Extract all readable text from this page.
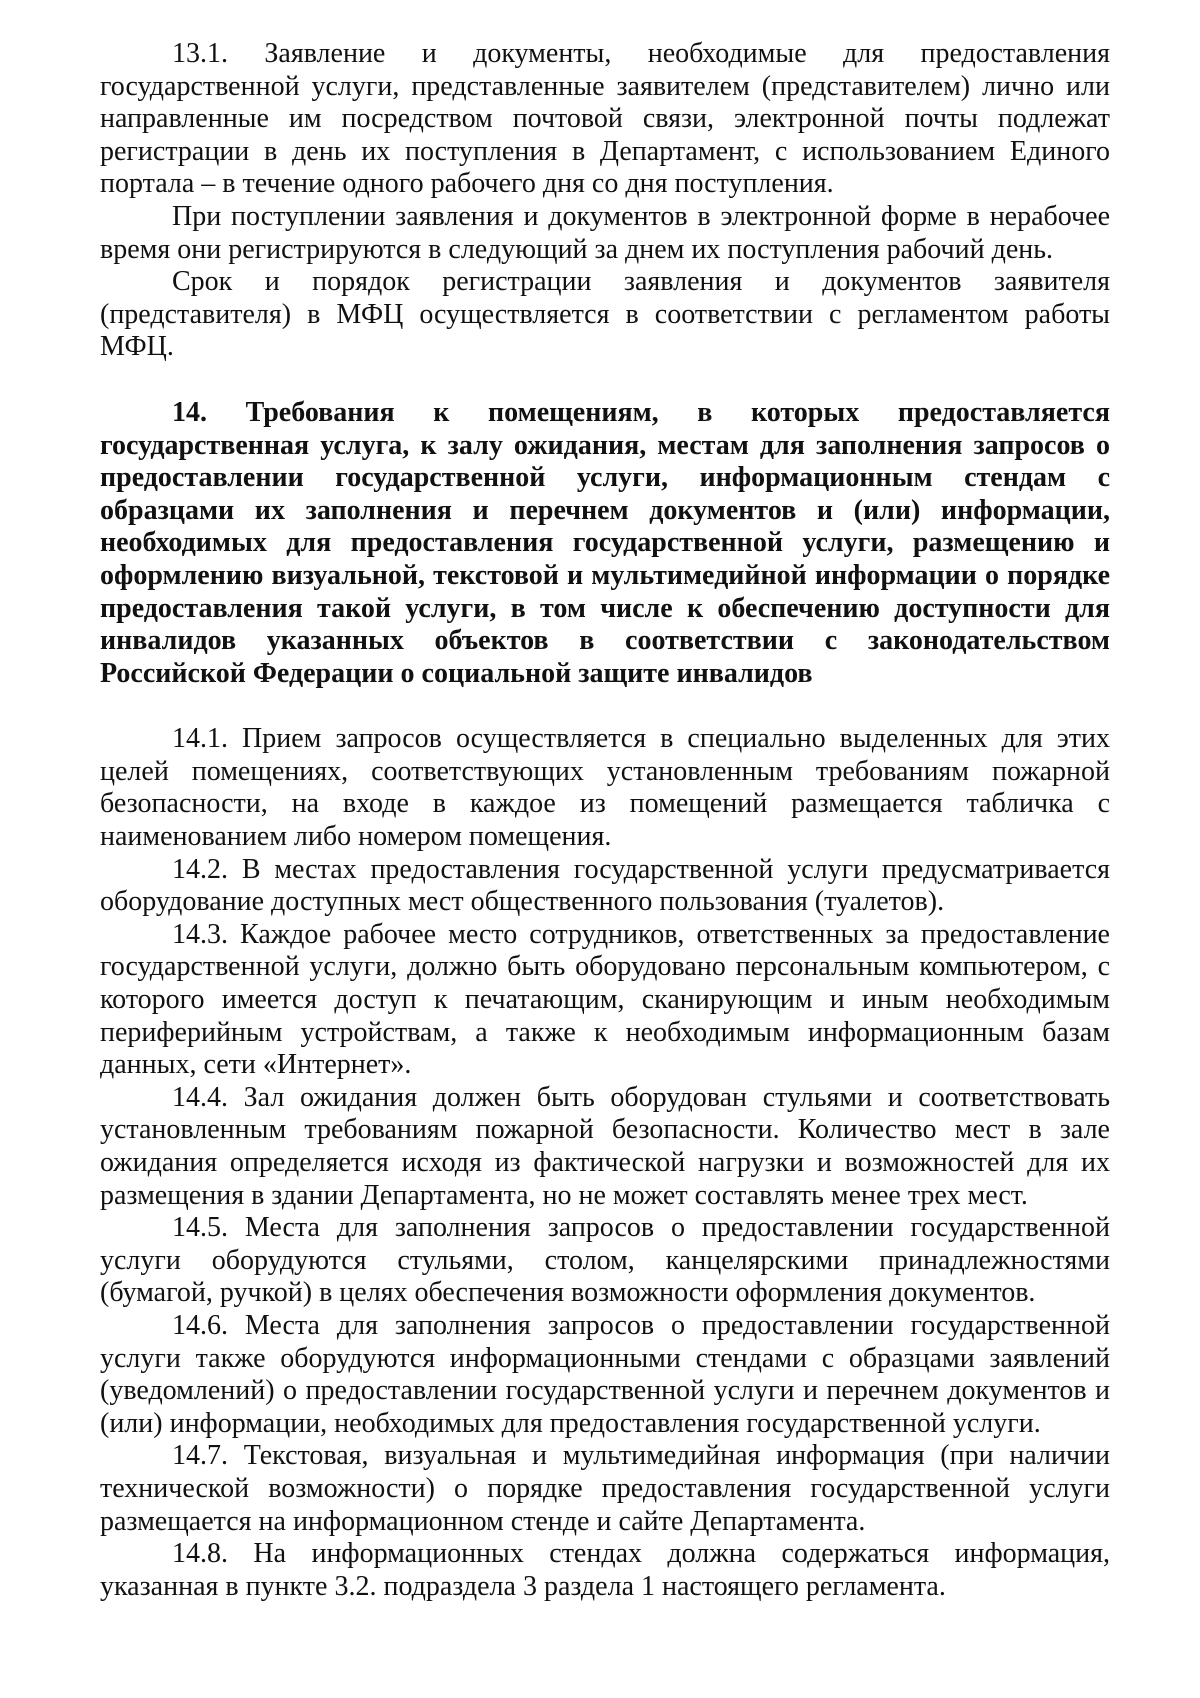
13.1. Заявление и документы, необходимые для предоставления государственной услуги, представленные заявителем (представителем) лично или направленные им посредством почтовой связи, электронной почты подлежат регистрации в день их поступления в Департамент, с использованием Единого портала – в течение одного рабочего дня со дня поступления.

При поступлении заявления и документов в электронной форме в нерабочее время они регистрируются в следующий за днем их поступления рабочий день.

Срок и порядок регистрации заявления и документов заявителя (представителя) в МФЦ осуществляется в соответствии с регламентом работы МФЦ.

14. Требования к помещениям, в которых предоставляется государственная услуга, к залу ожидания, местам для заполнения запросов о предоставлении государственной услуги, информационным стендам с образцами их заполнения и перечнем документов и (или) информации, необходимых для предоставления государственной услуги, размещению и оформлению визуальной, текстовой и мультимедийной информации о порядке предоставления такой услуги, в том числе к обеспечению доступности для инвалидов указанных объектов в соответствии с законодательством Российской Федерации о социальной защите инвалидов

14.1. Прием запросов осуществляется в специально выделенных для этих целей помещениях, соответствующих установленным требованиям пожарной безопасности, на входе в каждое из помещений размещается табличка с наименованием либо номером помещения.

14.2. В местах предоставления государственной услуги предусматривается оборудование доступных мест общественного пользования (туалетов).

14.3. Каждое рабочее место сотрудников, ответственных за предоставление государственной услуги, должно быть оборудовано персональным компьютером, с которого имеется доступ к печатающим, сканирующим и иным необходимым периферийным устройствам, а также к необходимым информационным базам данных, сети «Интернет».

14.4. Зал ожидания должен быть оборудован стульями и соответствовать установленным требованиям пожарной безопасности. Количество мест в зале ожидания определяется исходя из фактической нагрузки и возможностей для их размещения в здании Департамента, но не может составлять менее трех мест.

14.5. Места для заполнения запросов о предоставлении государственной услуги оборудуются стульями, столом, канцелярскими принадлежностями (бумагой, ручкой) в целях обеспечения возможности оформления документов.

14.6. Места для заполнения запросов о предоставлении государственной услуги также оборудуются информационными стендами с образцами заявлений (уведомлений) о предоставлении государственной услуги и перечнем документов и (или) информации, необходимых для предоставления государственной услуги.

14.7. Текстовая, визуальная и мультимедийная информация (при наличии технической возможности) о порядке предоставления государственной услуги размещается на информационном стенде и сайте Департамента.

14.8. На информационных стендах должна содержаться информация, указанная в пункте 3.2. подраздела 3 раздела 1 настоящего регламента.
